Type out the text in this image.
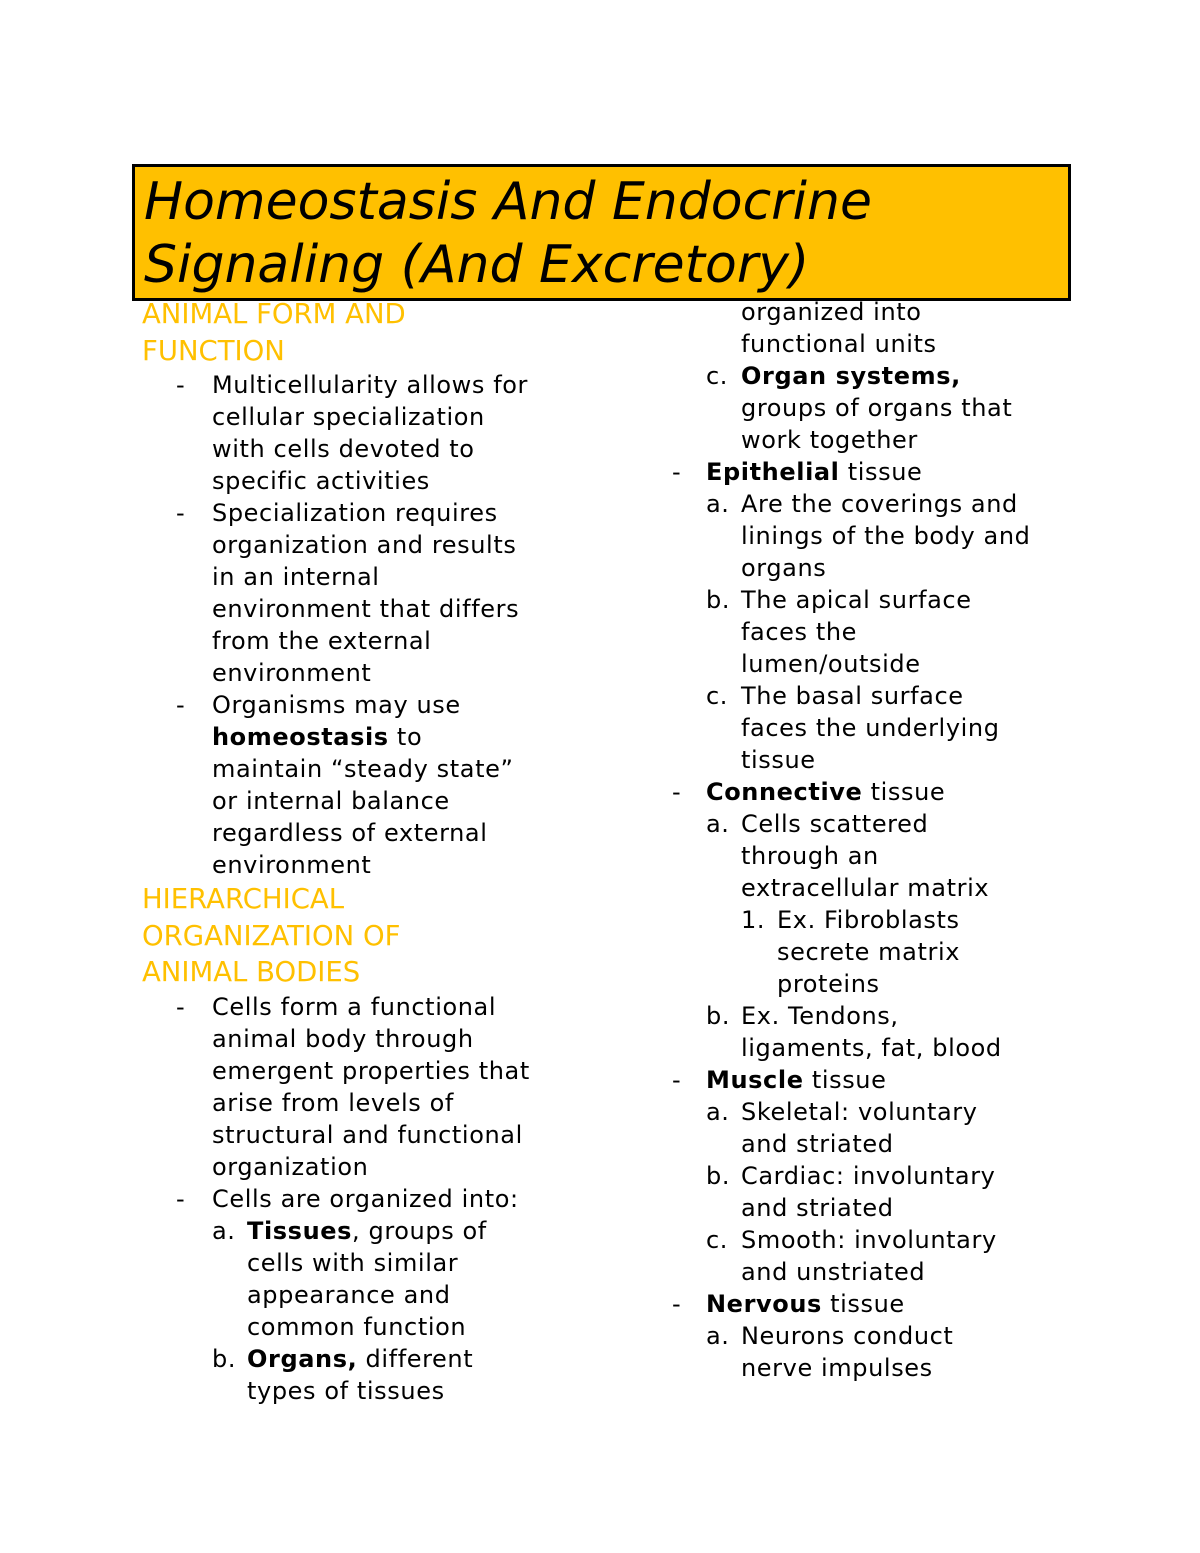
Homeostasis And Endocrine
Signaling (And Excretory)
ANIMAL FORM AND
FUNCTION
- Multicellularity allows for
cellular specialization
with cells devoted to
specific activities
- Specialization requires
organization and results
in an internal
environment that differs
from the external
environment
- Organisms may use
homeostasis to
maintain “steady state”
or internal balance
regardless of external
environment
HIERARCHICAL
ORGANIZATION OF
ANIMAL BODIES
- Cells form a functional
animal body through
emergent properties that
arise from levels of
structural and functional
organization
- Cells are organized into:
a. Tissues, groups of
cells with similar
appearance and
common function
b. Organs, different
types of tissues
organized into
functional units
c. Organ systems,
groups of organs that
work together
- Epithelial tissue
a. Are the coverings and
linings of the body and
organs
b. The apical surface
faces the
lumen/outside
c. The basal surface
faces the underlying
tissue
- Connective tissue
a. Cells scattered
through an
extracellular matrix
1. Ex. Fibroblasts
secrete matrix
proteins
b. Ex. Tendons,
ligaments, fat, blood
- Muscle tissue
a. Skeletal: voluntary
and striated
b. Cardiac: involuntary
and striated
c. Smooth: involuntary
and unstriated
- Nervous tissue
a. Neurons conduct
nerve impulses
